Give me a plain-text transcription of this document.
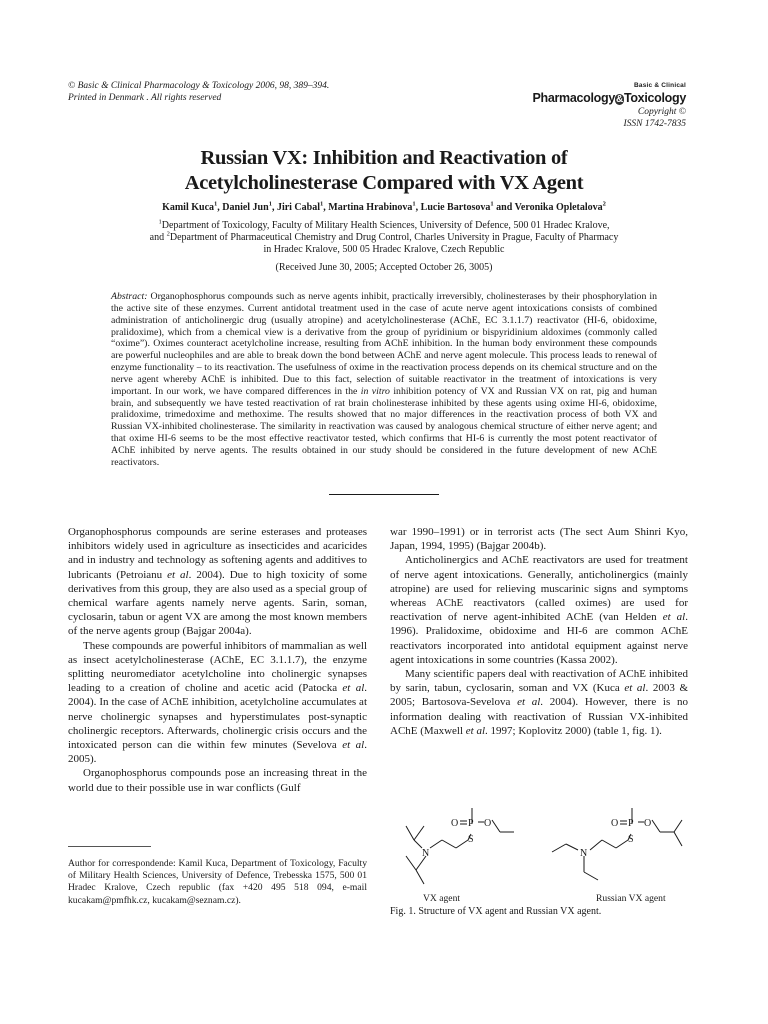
© Basic & Clinical Pharmacology & Toxicology 2006, 98, 389–394.
Printed in Denmark . All rights reserved
Basic & Clinical
Pharmacology&Toxicology
Copyright ©
ISSN 1742-7835
Russian VX: Inhibition and Reactivation of
Acetylcholinesterase Compared with VX Agent
Kamil Kuca$^1$, Daniel Jun$^1$, Jiri Cabal$^1$, Martina Hrabinova$^1$, Lucie Bartosova$^1$ and Veronika Opletalova$^2$
$^1$Department of Toxicology, Faculty of Military Health Sciences, University of Defence, 500 01 Hradec Kralove,
and $^2$Department of Pharmaceutical Chemistry and Drug Control, Charles University in Prague, Faculty of Pharmacy
in Hradec Kralove, 500 05 Hradec Kralove, Czech Republic
(Received June 30, 2005; Accepted October 26, 3005)
Abstract: Organophosphorus compounds such as nerve agents inhibit, practically irreversibly, cholinesterases by their phosphorylation in the active site of these enzymes. Current antidotal treatment used in the case of acute nerve agent intoxications consists of combined administration of anticholinergic drug (usually atropine) and acetylcholinesterase (AChE, EC 3.1.1.7) reactivator (HI-6, obidoxime, pralidoxime), which from a chemical view is a derivative from the group of pyridinium or bispyridinium aldoximes (commonly called “oxime”). Oximes counteract acetylcholine increase, resulting from AChE inhibition. In the human body environment these compounds are powerful nucleophiles and are able to break down the bond between AChE and nerve agent molecule. This process leads to renewal of enzyme functionality – to its reactivation. The usefulness of oxime in the reactivation process depends on its chemical structure and on the nerve agent whereby AChE is inhibited. Due to this fact, selection of suitable reactivator in the treatment of intoxications is very important. In our work, we have compared differences in the in vitro inhibition potency of VX and Russian VX on rat, pig and human brain, and subsequently we have tested reactivation of rat brain cholinesterase inhibited by these agents using oxime HI-6, obidoxime, pralidoxime, trimedoxime and methoxime. The results showed that no major differences in the reactivation process of both VX and Russian VX-inhibited cholinesterase. The similarity in reactivation was caused by analogous chemical structure of either nerve agent; and that oxime HI-6 seems to be the most effective reactivator tested, which confirms that HI-6 is currently the most potent reactivator of AChE inhibited by nerve agents. The results obtained in our study should be considered in the future development of new AChE reactivators.

Organophosphorus compounds are serine esterases and proteases inhibitors widely used in agriculture as insecticides and acaricides and in industry and technology as softening agents and additives to lubricants (Petroianu et al. 2004). Due to high toxicity of some derivatives from this group, they are also used as a special group of chemical warfare agents namely nerve agents. Sarin, soman, cyclosarin, tabun or agent VX are among the most known members of the nerve agents group (Bajgar 2004a).

These compounds are powerful inhibitors of mammalian as well as insect acetylcholinesterase (AChE, EC 3.1.1.7), the enzyme splitting neuromediator acetylcholine into cholinergic synapses leading to a creation of choline and acetic acid (Patocka et al. 2004). In the case of AChE inhibition, acetylcholine accumulates at nerve cholinergic synapses and hyperstimulates post-synaptic cholinergic receptors. Afterwards, cholinergic crisis occurs and the intoxicated person can die within few minutes (Sevelova et al. 2005).

Organophosphorus compounds pose an increasing threat in the world due to their possible use in war conflicts (Gulf

war 1990–1991) or in terrorist acts (The sect Aum Shinri Kyo, Japan, 1994, 1995) (Bajgar 2004b).

Anticholinergics and AChE reactivators are used for treatment of nerve agent intoxications. Generally, anticholinergics (mainly atropine) are used for relieving muscarinic signs and symptoms whereas AChE reactivators (called oximes) are used for reactivation of nerve agent-inhibited AChE (van Helden et al. 1996). Pralidoxime, obidoxime and HI-6 are common AChE reactivators incorporated into antidotal equipment against nerve agent intoxications in some countries (Kassa 2002).

Many scientific papers deal with reactivation of AChE inhibited by sarin, tabun, cyclosarin, soman and VX (Kuca et al. 2003 & 2005; Bartosova-Sevelova et al. 2004). However, there is no information dealing with reactivation of Russian VX-inhibited AChE (Maxwell et al. 1997; Koplovitz 2000) (table 1, fig. 1).

Author for correspondende: Kamil Kuca, Department of Toxicology, Faculty of Military Health Sciences, University of Defence, Trebesska 1575, 500 01 Hradec Kralove, Czech republic (fax +420 495 518 094, e-mail kucakam@pmfhk.cz, kucakam@seznam.cz).
N
O P O
S
N
O P O
S
VX agent	Russian VX agent
Fig. 1. Structure of VX agent and Russian VX agent.
